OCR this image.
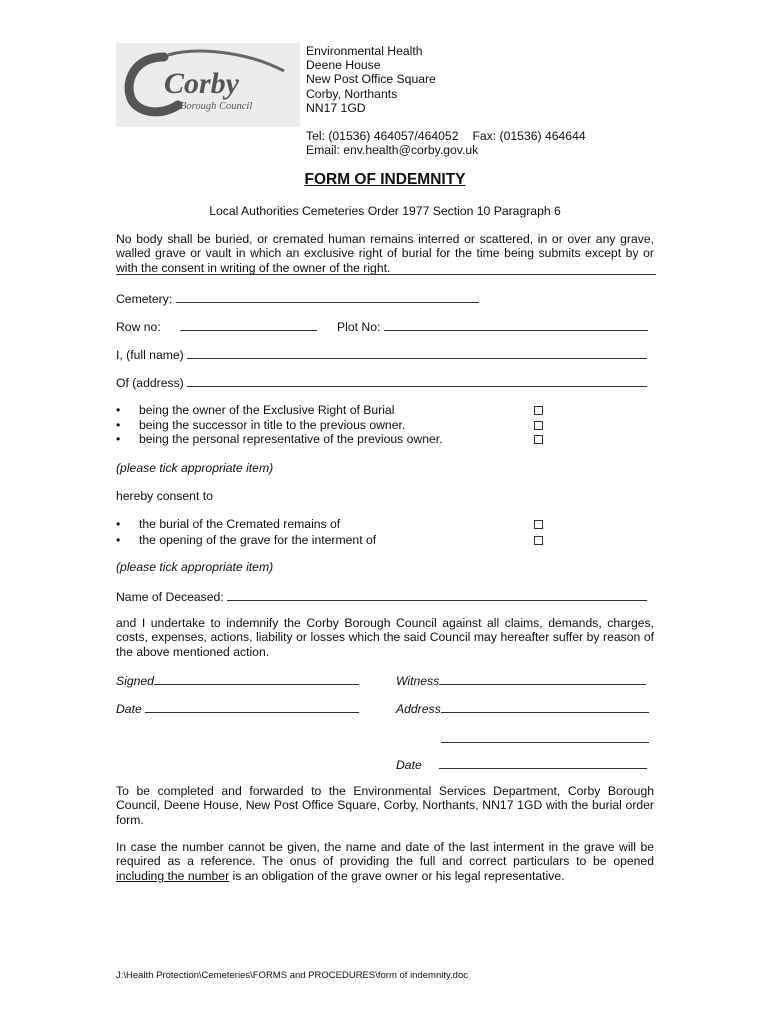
Corby
Borough Council
Environmental Health
Deene House
New Post Office Square
Corby, Northants
NN17 1GD
Tel: (01536) 464057/464052 Fax: (01536) 464644
Email: env.health@corby.gov.uk
FORM OF INDEMNITY
Local Authorities Cemeteries Order 1977 Section 10 Paragraph 6
No body shall be buried, or cremated human remains interred or scattered, in or over any grave, walled grave or vault in which an exclusive right of burial for the time being submits except by or with the consent in writing of the owner of the right.
Cemetery:
Row no:	Plot No:
I, (full name)
Of (address)
• being the owner of the Exclusive Right of Burial
• being the successor in title to the previous owner.
• being the personal representative of the previous owner.
(please tick appropriate item)
hereby consent to
• the burial of the Cremated remains of
• the opening of the grave for the interment of
(please tick appropriate item)
Name of Deceased:
and I undertake to indemnify the Corby Borough Council against all claims, demands, charges, costs, expenses, actions, liability or losses which the said Council may hereafter suffer by reason of the above mentioned action.
Signed	Witness
Date	Address
Date
To be completed and forwarded to the Environmental Services Department, Corby Borough Council, Deene House, New Post Office Square, Corby, Northants, NN17 1GD with the burial order form.
In case the number cannot be given, the name and date of the last interment in the grave will be required as a reference. The onus of providing the full and correct particulars to be opened including the number is an obligation of the grave owner or his legal representative.
J:\Health Protection\Cemeteries\FORMS and PROCEDURES\form of indemnity.doc
